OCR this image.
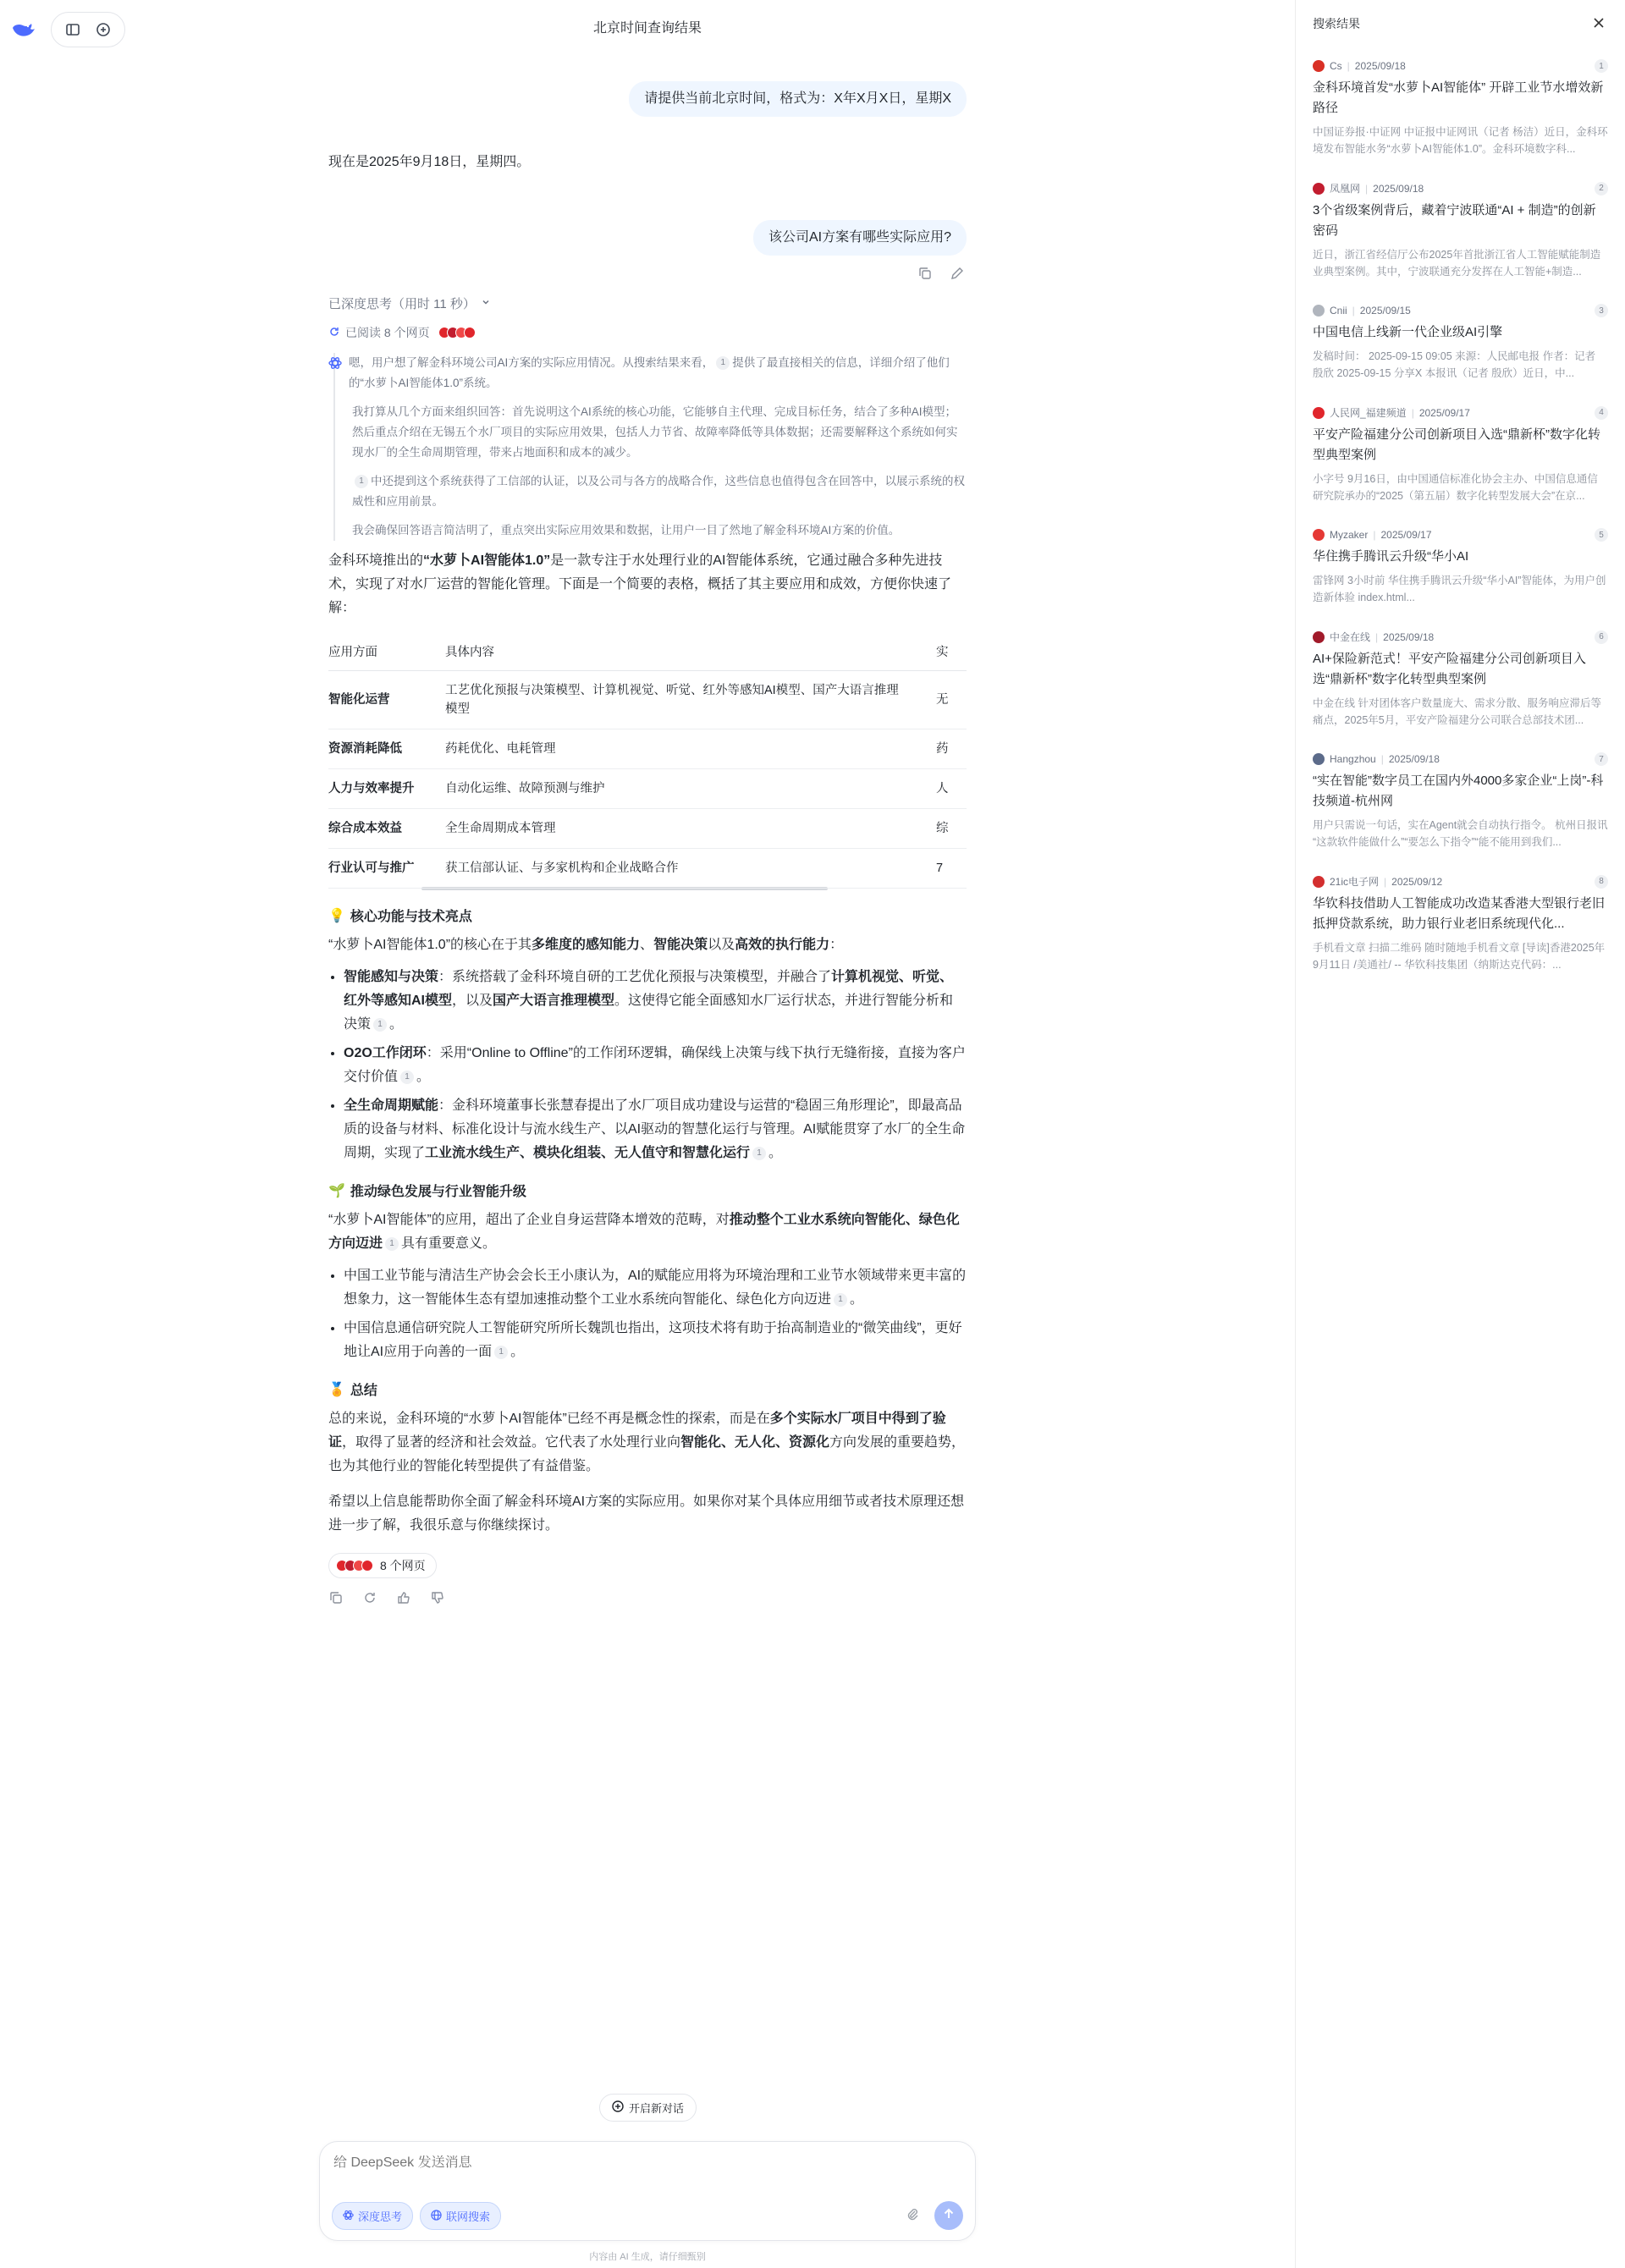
北京时间查询结果
请提供当前北京时间，格式为：X年X月X日，星期X
现在是2025年9月18日，星期四。
该公司AI方案有哪些实际应用?
已深度思考（用时 11 秒）
已阅读 8 个网页

嗯，用户想了解金科环境公司AI方案的实际应用情况。从搜索结果来看， 1 提供了最直接相关的信息，详细介绍了他们的“水萝卜AI智能体1.0”系统。

我打算从几个方面来组织回答：首先说明这个AI系统的核心功能，它能够自主代理、完成目标任务，结合了多种AI模型；然后重点介绍在无锡五个水厂项目的实际应用效果，包括人力节省、故障率降低等具体数据；还需要解释这个系统如何实现水厂的全生命周期管理，带来占地面积和成本的减少。

1 中还提到这个系统获得了工信部的认证，以及公司与各方的战略合作，这些信息也值得包含在回答中，以展示系统的权威性和应用前景。

我会确保回答语言简洁明了，重点突出实际应用效果和数据，让用户一目了然地了解金科环境AI方案的价值。

金科环境推出的“水萝卜AI智能体1.0”是一款专注于水处理行业的AI智能体系统，它通过融合多种先进技术，实现了对水厂运营的智能化管理。下面是一个简要的表格，概括了其主要应用和成效，方便你快速了解：
应用方面	具体内容	实
智能化运营	工艺优化预报与决策模型、计算机视觉、听觉、红外等感知AI模型、国产大语言推理模型	无
资源消耗降低	药耗优化、电耗管理	药
人力与效率提升	自动化运维、故障预测与维护	人
综合成本效益	全生命周期成本管理	综
行业认可与推广	获工信部认证、与多家机构和企业战略合作	7
💡 核心功能与技术亮点
“水萝卜AI智能体1.0”的核心在于其多维度的感知能力、智能决策以及高效的执行能力：
• 智能感知与决策：系统搭载了金科环境自研的工艺优化预报与决策模型，并融合了计算机视觉、听觉、红外等感知AI模型，以及国产大语言推理模型。这使得它能全面感知水厂运行状态，并进行智能分析和决策 1 。
• O2O工作闭环：采用“Online to Offline”的工作闭环逻辑，确保线上决策与线下执行无缝衔接，直接为客户交付价值 1 。
• 全生命周期赋能：金科环境董事长张慧春提出了水厂项目成功建设与运营的“稳固三角形理论”，即最高品质的设备与材料、标准化设计与流水线生产、以AI驱动的智慧化运行与管理。AI赋能贯穿了水厂的全生命周期，实现了工业流水线生产、模块化组装、无人值守和智慧化运行 1 。
🌱 推动绿色发展与行业智能升级
“水萝卜AI智能体”的应用，超出了企业自身运营降本增效的范畴，对推动整个工业水系统向智能化、绿色化方向迈进 1 具有重要意义。
• 中国工业节能与清洁生产协会会长王小康认为，AI的赋能应用将为环境治理和工业节水领域带来更丰富的想象力，这一智能体生态有望加速推动整个工业水系统向智能化、绿色化方向迈进 1 。
• 中国信息通信研究院人工智能研究所所长魏凯也指出，这项技术将有助于抬高制造业的“微笑曲线”，更好地让AI应用于向善的一面 1 。
🏅 总结
总的来说，金科环境的“水萝卜AI智能体”已经不再是概念性的探索，而是在多个实际水厂项目中得到了验证，取得了显著的经济和社会效益。它代表了水处理行业向智能化、无人化、资源化方向发展的重要趋势，也为其他行业的智能化转型提供了有益借鉴。
希望以上信息能帮助你全面了解金科环境AI方案的实际应用。如果你对某个具体应用细节或者技术原理还想进一步了解，我很乐意与你继续探讨。
8 个网页
开启新对话
给 DeepSeek 发送消息
深度思考	联网搜索
内容由 AI 生成，请仔细甄别
搜索结果
Cs | 2025/09/18	1
金科环境首发“水萝卜AI智能体” 开辟工业节水增效新路径
中国证券报·中证网 中证报中证网讯（记者 杨洁）近日，金科环境发布智能水务“水萝卜AI智能体1.0”。金科环境数字科...
凤凰网 | 2025/09/18	2
3个省级案例背后，藏着宁波联通“AI + 制造”的创新密码
近日，浙江省经信厅公布2025年首批浙江省人工智能赋能制造业典型案例。其中，宁波联通充分发挥在人工智能+制造...
Cnii | 2025/09/15	3
中国电信上线新一代企业级AI引擎
发稿时间： 2025-09-15 09:05 来源：人民邮电报 作者：记者 殷欣 2025-09-15 分享X 本报讯（记者 殷欣）近日，中...
人民网_福建频道 | 2025/09/17	4
平安产险福建分公司创新项目入选“鼎新杯”数字化转型典型案例
小字号 9月16日，由中国通信标准化协会主办、中国信息通信研究院承办的“2025（第五届）数字化转型发展大会”在京...
Myzaker | 2025/09/17	5
华住携手腾讯云升级“华小AI
雷锋网 3小时前 华住携手腾讯云升级“华小AI”智能体，为用户创造新体验 index.html...
中金在线 | 2025/09/18	6
AI+保险新范式！平安产险福建分公司创新项目入选“鼎新杯”数字化转型典型案例
中金在线 针对团体客户数量庞大、需求分散、服务响应滞后等痛点，2025年5月，平安产险福建分公司联合总部技术团...
Hangzhou | 2025/09/18	7
“实在智能”数字员工在国内外4000多家企业“上岗”-科技频道-杭州网
用户只需说一句话，实在Agent就会自动执行指令。 杭州日报讯 “这款软件能做什么”“要怎么下指令”“能不能用到我们...
21ic电子网 | 2025/09/12	8
华钦科技借助人工智能成功改造某香港大型银行老旧抵押贷款系统，助力银行业老旧系统现代化...
手机看文章 扫描二维码 随时随地手机看文章 [导读]香港2025年9月11日 /美通社/ -- 华钦科技集团（纳斯达克代码：...
